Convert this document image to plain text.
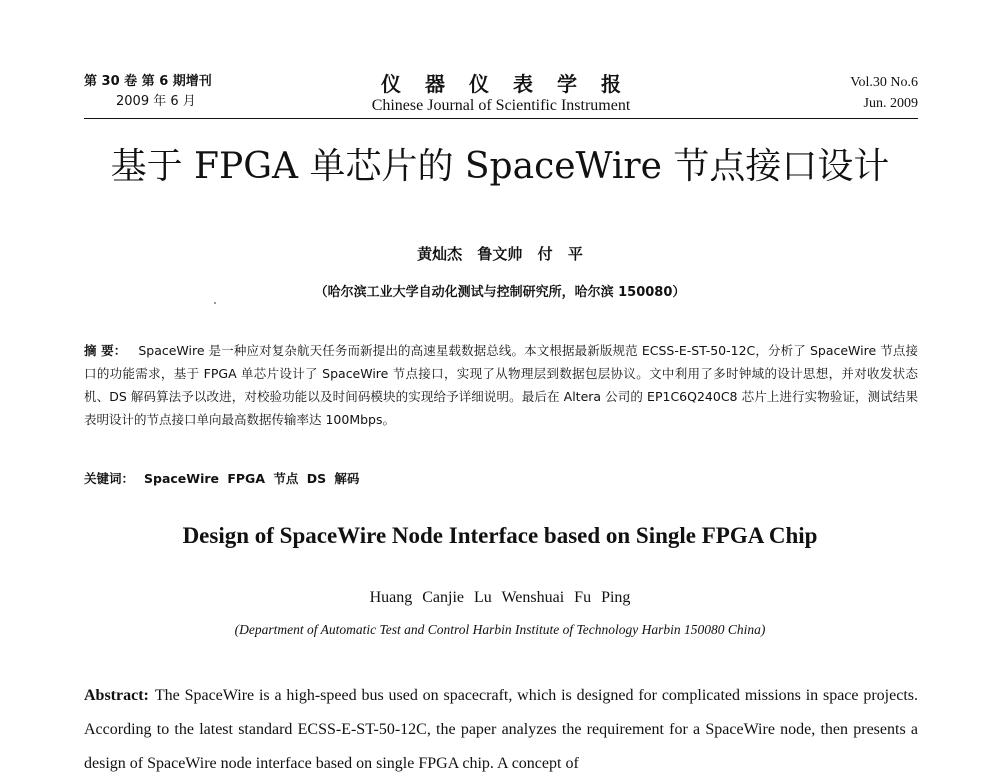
第 30 卷 第 6 期增刊
2009 年 6 月
仪器仪表学报
Chinese Journal of Scientific Instrument
Vol.30 No.6
Jun. 2009
基于 FPGA 单芯片的 SpaceWire 节点接口设计
黄灿杰 鲁文帅 付 平
（哈尔滨工业大学自动化测试与控制研究所，哈尔滨 150080）
摘 要： SpaceWire 是一种应对复杂航天任务而新提出的高速星载数据总线。本文根据最新版规范 ECSS-E-ST-50-12C，分析了 SpaceWire 节点接口的功能需求，基于 FPGA 单芯片设计了 SpaceWire 节点接口，实现了从物理层到数据包层协议。文中利用了多时钟域的设计思想，并对收发状态机、DS 解码算法予以改进，对校验功能以及时间码模块的实现给予详细说明。最后在 Altera 公司的 EP1C6Q240C8 芯片上进行实物验证，测试结果表明设计的节点接口单向最高数据传输率达 100Mbps。
关键词： SpaceWire FPGA 节点 DS 解码
Design of SpaceWire Node Interface based on Single FPGA Chip
Huang Canjie Lu Wenshuai Fu Ping
(Department of Automatic Test and Control Harbin Institute of Technology Harbin 150080 China)
Abstract: The SpaceWire is a high-speed bus used on spacecraft, which is designed for complicated missions in space projects. According to the latest standard ECSS-E-ST-50-12C, the paper analyzes the requirement for a SpaceWire node, then presents a design of SpaceWire node interface based on single FPGA chip. A concept of
